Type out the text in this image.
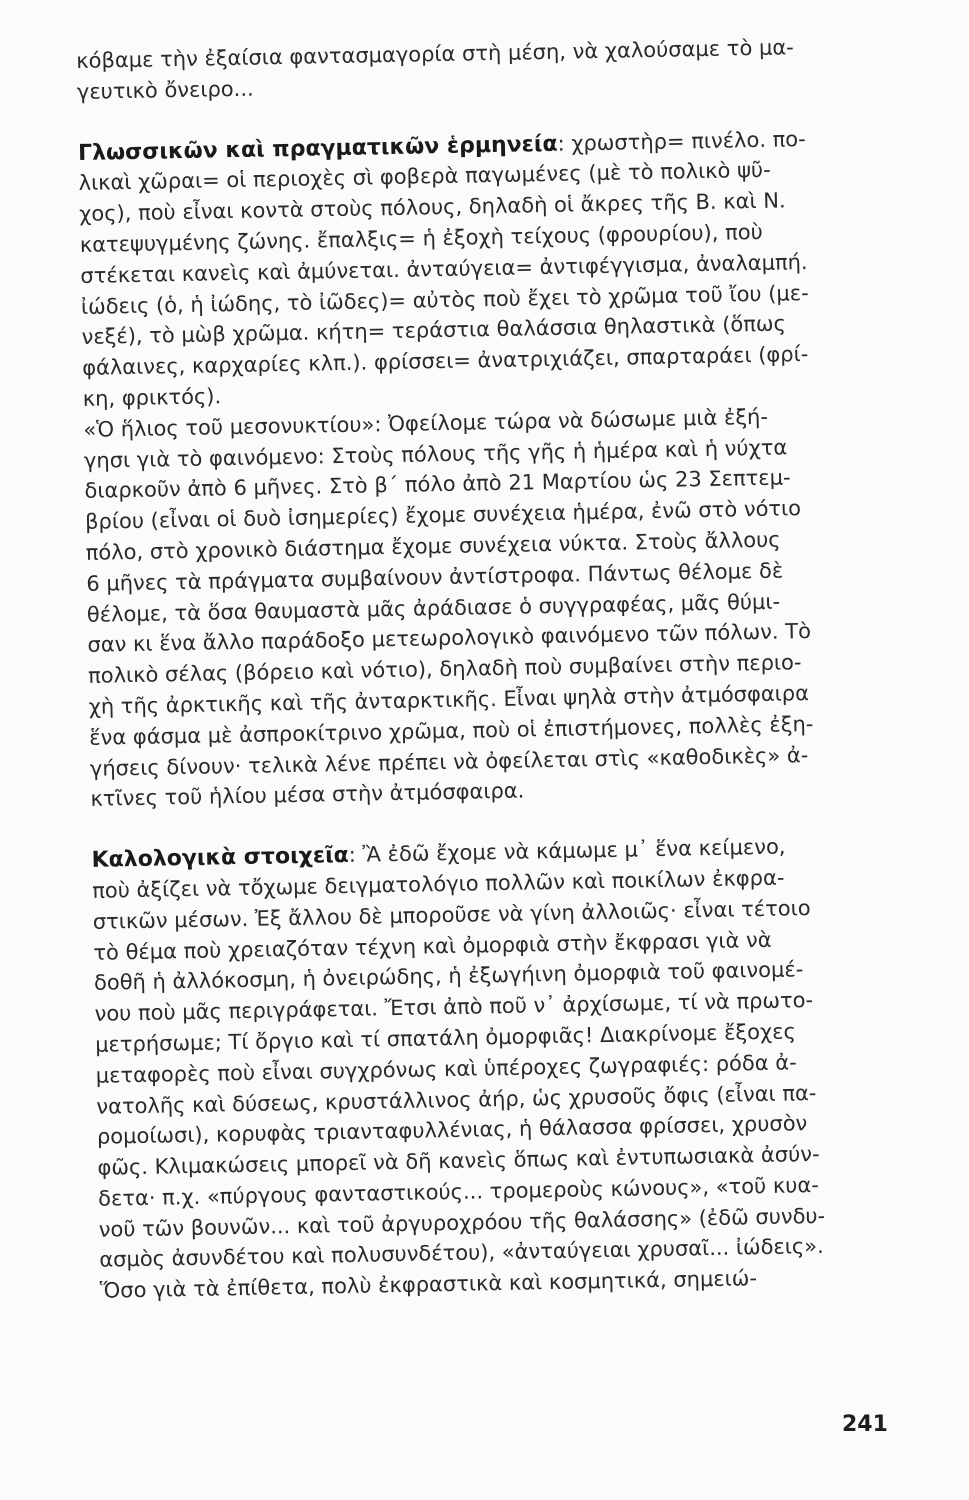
κόβαμε τὴν ἐξαίσια φαντασμαγορία στὴ μέση, νὰ χαλούσαμε τὸ μα-
γευτικὸ ὄνειρο...
Γλωσσικῶν καὶ πραγματικῶν ἑρμηνεία: χρωστὴρ= πινέλο. πο-
λικαὶ χῶραι= οἱ περιοχὲς σὶ φοβερὰ παγωμένες (μὲ τὸ πολικὸ ψῦ-
χος), ποὺ εἶναι κοντὰ στοὺς πόλους, δηλαδὴ οἱ ἄκρες τῆς Β. καὶ Ν.
κατεψυγμένης ζώνης. ἔπαλξις= ἡ ἐξοχὴ τείχους (φρουρίου), ποὺ
στέκεται κανεὶς καὶ ἀμύνεται. ἀνταύγεια= ἀντιφέγγισμα, ἀναλαμπή.
ἰώδεις (ὁ, ἡ ἰώδης, τὸ ἰῶδες)= αὐτὸς ποὺ ἔχει τὸ χρῶμα τοῦ ἴου (με-
νεξέ), τὸ μὼβ χρῶμα. κήτη= τεράστια θαλάσσια θηλαστικὰ (ὅπως
φάλαινες, καρχαρίες κλπ.). φρίσσει= ἀνατριχιάζει, σπαρταράει (φρί-
κη, φρικτός).
«Ὁ ἥλιος τοῦ μεσονυκτίου»: Ὀφείλομε τώρα νὰ δώσωμε μιὰ ἐξή-
γησι γιὰ τὸ φαινόμενο: Στοὺς πόλους τῆς γῆς ἡ ἡμέρα καὶ ἡ νύχτα
διαρκοῦν ἀπὸ 6 μῆνες. Στὸ β΄ πόλο ἀπὸ 21 Μαρτίου ὡς 23 Σεπτεμ-
βρίου (εἶναι οἱ δυὸ ἰσημερίες) ἔχομε συνέχεια ἡμέρα, ἐνῶ στὸ νότιο
πόλο, στὸ χρονικὸ διάστημα ἔχομε συνέχεια νύκτα. Στοὺς ἄλλους
6 μῆνες τὰ πράγματα συμβαίνουν ἀντίστροφα. Πάντως θέλομε δὲ
θέλομε, τὰ ὅσα θαυμαστὰ μᾶς ἀράδιασε ὁ συγγραφέας, μᾶς θύμι-
σαν κι ἕνα ἄλλο παράδοξο μετεωρολογικὸ φαινόμενο τῶν πόλων. Τὸ
πολικὸ σέλας (βόρειο καὶ νότιο), δηλαδὴ ποὺ συμβαίνει στὴν περιο-
χὴ τῆς ἀρκτικῆς καὶ τῆς ἀνταρκτικῆς. Εἶναι ψηλὰ στὴν ἀτμόσφαιρα
ἕνα φάσμα μὲ ἀσπροκίτρινο χρῶμα, ποὺ οἱ ἐπιστήμονες, πολλὲς ἐξη-
γήσεις δίνουν· τελικὰ λένε πρέπει νὰ ὀφείλεται στὶς «καθοδικὲς» ἀ-
κτῖνες τοῦ ἡλίου μέσα στὴν ἀτμόσφαιρα.
Καλολογικὰ στοιχεῖα: Ἂ ἐδῶ ἔχομε νὰ κάμωμε μ᾽ ἕνα κείμενο,
ποὺ ἀξίζει νὰ τὄχωμε δειγματολόγιο πολλῶν καὶ ποικίλων ἐκφρα-
στικῶν μέσων. Ἐξ ἄλλου δὲ μποροῦσε νὰ γίνη ἀλλοιῶς· εἶναι τέτοιο
τὸ θέμα ποὺ χρειαζόταν τέχνη καὶ ὀμορφιὰ στὴν ἔκφρασι γιὰ νὰ
δοθῆ ἡ ἀλλόκοσμη, ἡ ὀνειρώδης, ἡ ἐξωγήινη ὀμορφιὰ τοῦ φαινομέ-
νου ποὺ μᾶς περιγράφεται. Ἔτσι ἀπὸ ποῦ ν᾽ ἀρχίσωμε, τί νὰ πρωτο-
μετρήσωμε; Τί ὄργιο καὶ τί σπατάλη ὀμορφιᾶς! Διακρίνομε ἔξοχες
μεταφορὲς ποὺ εἶναι συγχρόνως καὶ ὑπέροχες ζωγραφιές: ρόδα ἀ-
νατολῆς καὶ δύσεως, κρυστάλλινος ἀήρ, ὡς χρυσοῦς ὄφις (εἶναι πα-
ρομοίωσι), κορυφὰς τριανταφυλλένιας, ἡ θάλασσα φρίσσει, χρυσὸν
φῶς. Κλιμακώσεις μπορεῖ νὰ δῆ κανεὶς ὅπως καὶ ἐντυπωσιακὰ ἀσύν-
δετα· π.χ. «πύργους φανταστικούς... τρομεροὺς κώνους», «τοῦ κυα-
νοῦ τῶν βουνῶν... καὶ τοῦ ἀργυροχρόου τῆς θαλάσσης» (ἐδῶ συνδυ-
ασμὸς ἀσυνδέτου καὶ πολυσυνδέτου), «ἀνταύγειαι χρυσαῖ... ἰώδεις».
Ὅσο γιὰ τὰ ἐπίθετα, πολὺ ἐκφραστικὰ καὶ κοσμητικά, σημειώ-
241
